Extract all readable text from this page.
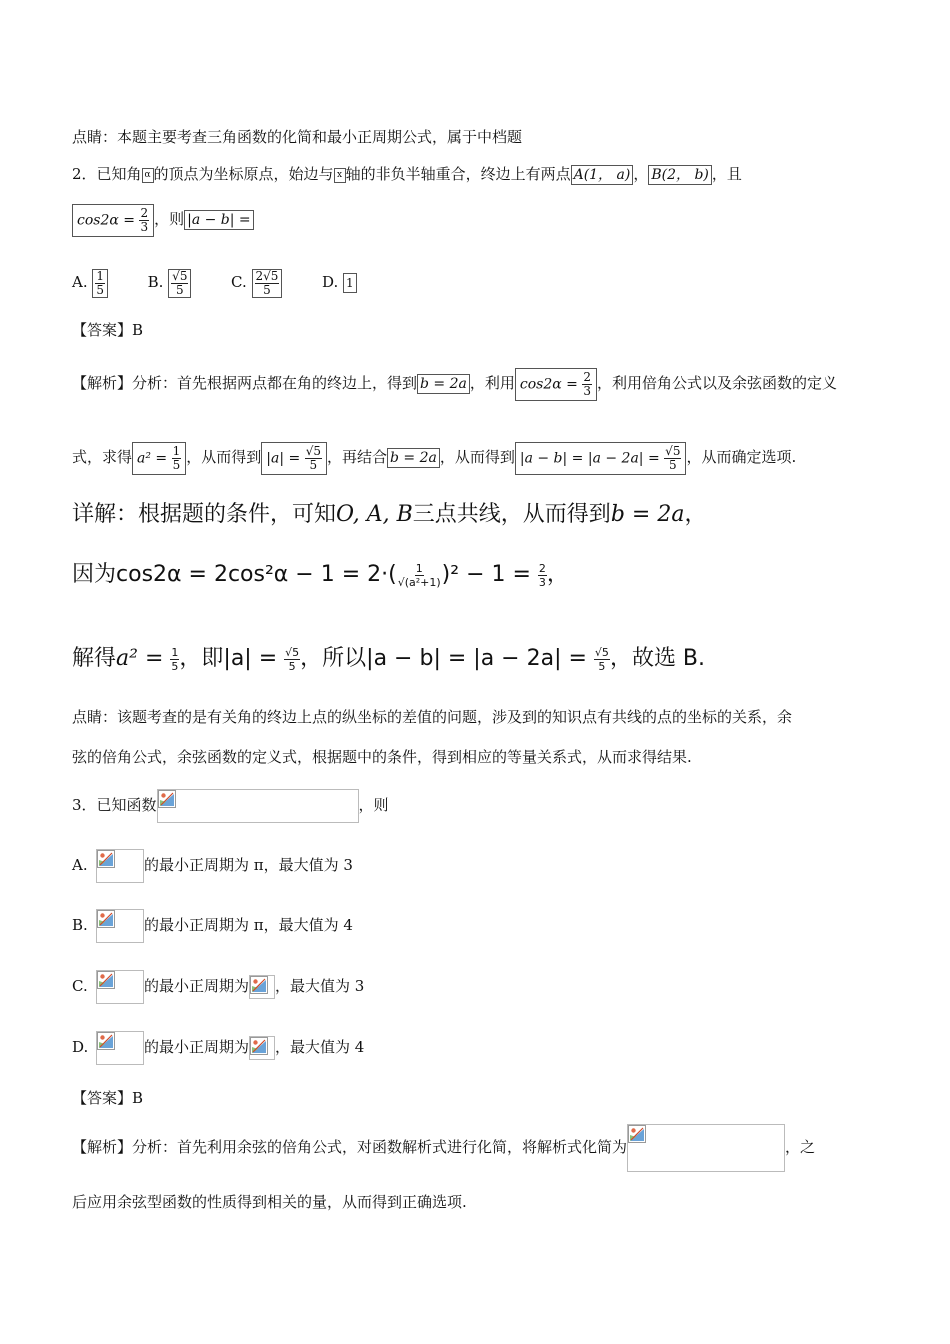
点睛：本题主要考查三角函数的化简和最小正周期公式，属于中档题
2．已知角 α 的顶点为坐标原点，始边与 x 轴的非负半轴重合，终边上有两点 A(1， a) ， B(2， b) ，且
$\cos 2\alpha = \frac{2}{3}$ ，则 |a − b| =
A. $\frac{1}{5}$	B. $\frac{√5}{5}$	C. $\frac{2√5}{5}$	D. 1
【答案】B
【解析】分析：首先根据两点都在角的终边上，得到 b = 2a ，利用 $\cos 2\alpha = \frac{2}{3}$ ，利用倍角公式以及余弦函数的定义
式，求得 $a^2 = \frac{1}{5}$ ，从而得到 $|a| = \frac{√5}{5}$ ，再结合 b = 2a ，从而得到 $|a - b| = |a - 2a| = \frac{√5}{5}$ ，从而确定选项.
详解：根据题的条件，可知O, A, B三点共线，从而得到b = 2a，
因为$\cos 2\alpha = 2\cos^2\alpha - 1 = 2\cdot( \frac{1}{\text{√(a²+1)}} )^2 - 1 = \frac{2}{3}$ ，
解得$a^2 = \frac{1}{5}$ ，即$|a| = \frac{√5}{5}$ ，所以$|a - b| = |a - 2a| = \frac{√5}{5}$ ，故选 B.
点睛：该题考查的是有关角的终边上点的纵坐标的差值的问题，涉及到的知识点有共线的点的坐标的关系，余
弦的倍角公式，余弦函数的定义式，根据题中的条件，得到相应的等量关系式，从而求得结果.
3．已知函数	，则
A.	的最小正周期为 π，最大值为 3
B.	的最小正周期为 π，最大值为 4
C.	的最小正周期为 ，最大值为 3
D.	的最小正周期为 ，最大值为 4
【答案】B
【解析】分析：首先利用余弦的倍角公式，对函数解析式进行化简，将解析式化简为	，之
后应用余弦型函数的性质得到相关的量，从而得到正确选项.
